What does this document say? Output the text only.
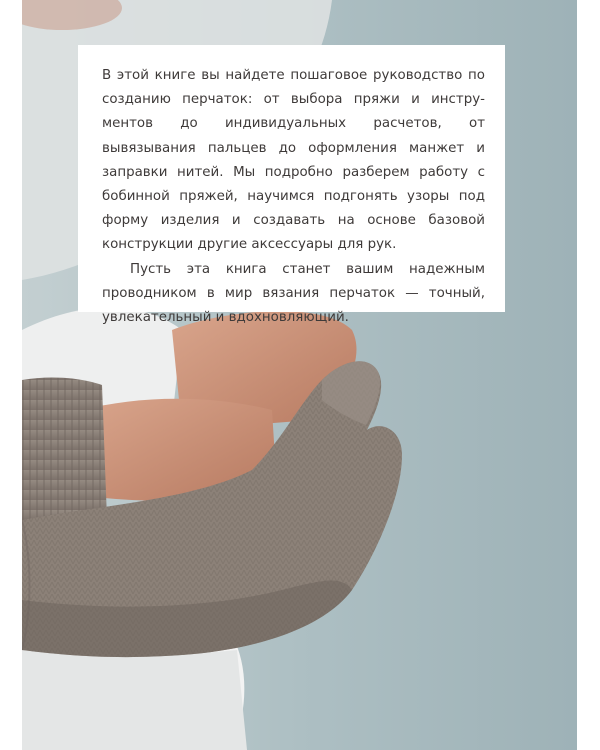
В этой книге вы найдете пошаговое руководство по созданию перчаток: от выбора пряжи и инструментов до индивидуальных расчетов, от вывязывания пальцев до оформления манжет и заправки нитей. Мы подробно разберем работу с бобинной пряжей, научимся подгонять узоры под форму изделия и создавать на основе базовой конструкции другие аксессуары для рук.

Пусть эта книга станет вашим надежным проводником в мир вязания перчаток — точный, увлекательный и вдохновляющий.
